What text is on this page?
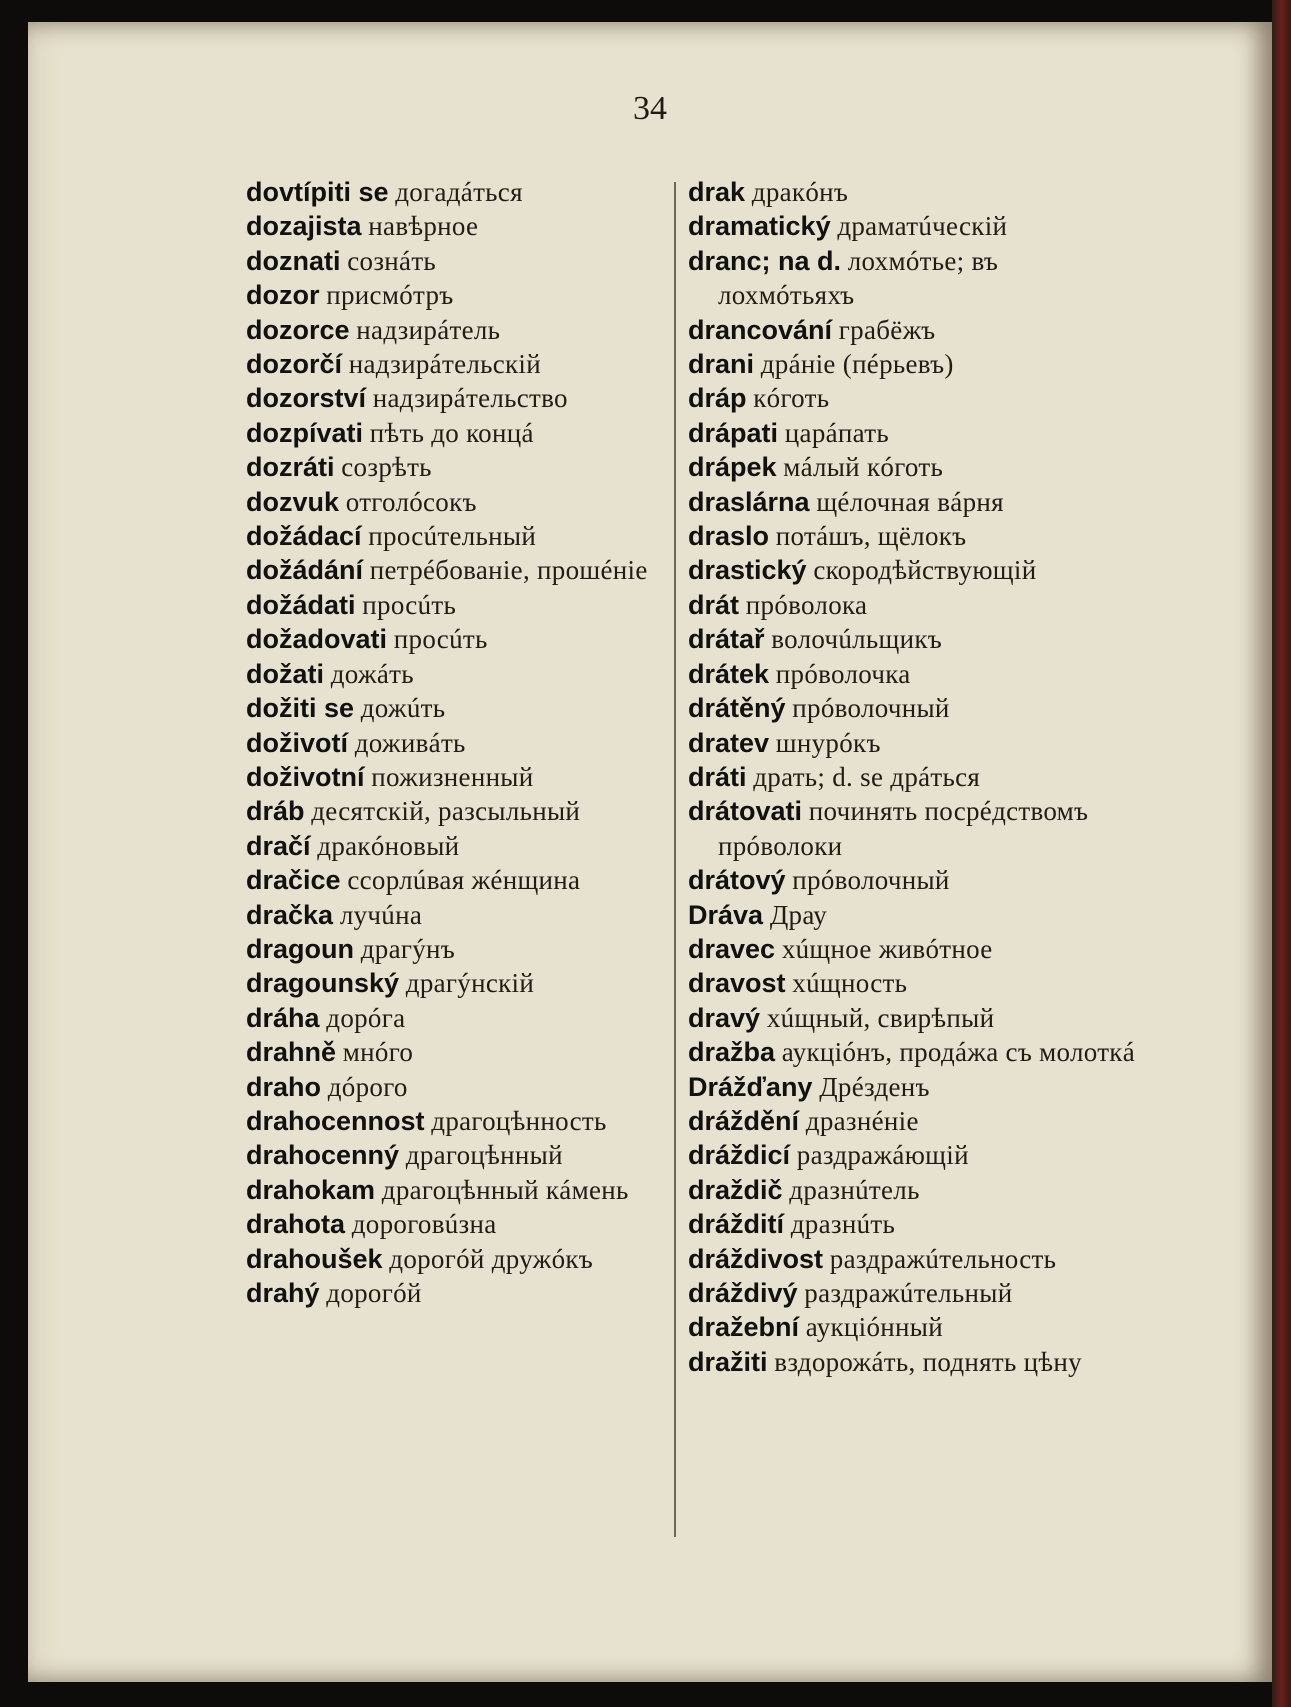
34

dovtípiti se догадáться

dozajista навѣрное

doznati сознáть

dozor присмóтръ

dozorce надзирáтель

dozorčí надзирáтельскій

dozorství надзирáтельство

dozpívati пѣть до концá

dozráti созрѣть

dozvuk отголóсокъ

dožádací просúтельный

dožádání петрéбованіе, прошéніе

dožádati просúть

dožadovati просúть

dožati дожáть

dožiti se дожúть

doživotí доживáть

doživotní пожизненный

dráb десятскій, разсыльный

dračí дракóновый

dračice ссорлúвая жéнщина

dračka лучúна

dragoun драгýнъ

dragounský драгýнскій

dráha дорóга

drahně мнóго

draho дóрого

drahocennost драгоцѣнность

drahocenný драгоцѣнный

drahokam драгоцѣнный кáмень

drahota дороговúзна

drahoušek дорогóй дружóкъ

drahý дорогóй

drak дракóнъ

dramatický драматúческій

dranc; na d. лохмóтье; въ лохмóтьяхъ

drancování грабёжъ

drani дрáніе (пéрьевъ)

dráp кóготь

drápati царáпать

drápek мáлый кóготь

draslárna щéлочная вáрня

draslo потáшъ, щёлокъ

drastický скородѣйствующій

drát прóволока

drátař волочúльщикъ

drátek прóволочка

drátěný прóволочный

dratev шнурóкъ

dráti драть; d. se дрáться

drátovati починять посрéдствомъ прóволоки

drátový прóволочный

Dráva Драу

dravec хúщное живóтное

dravost хúщность

dravý хúщный, свирѣпый

dražba аукціóнъ, продáжа съ молоткá

Drážďany Дрéзденъ

dráždění дразнéніе

dráždicí раздражáющій

draždič дразнúтель

dráždití дразнúть

dráždivost раздражúтельность

dráždivý раздражúтельный

dražební аукціóнный

dražiti вздорожáть, поднять цѣну
